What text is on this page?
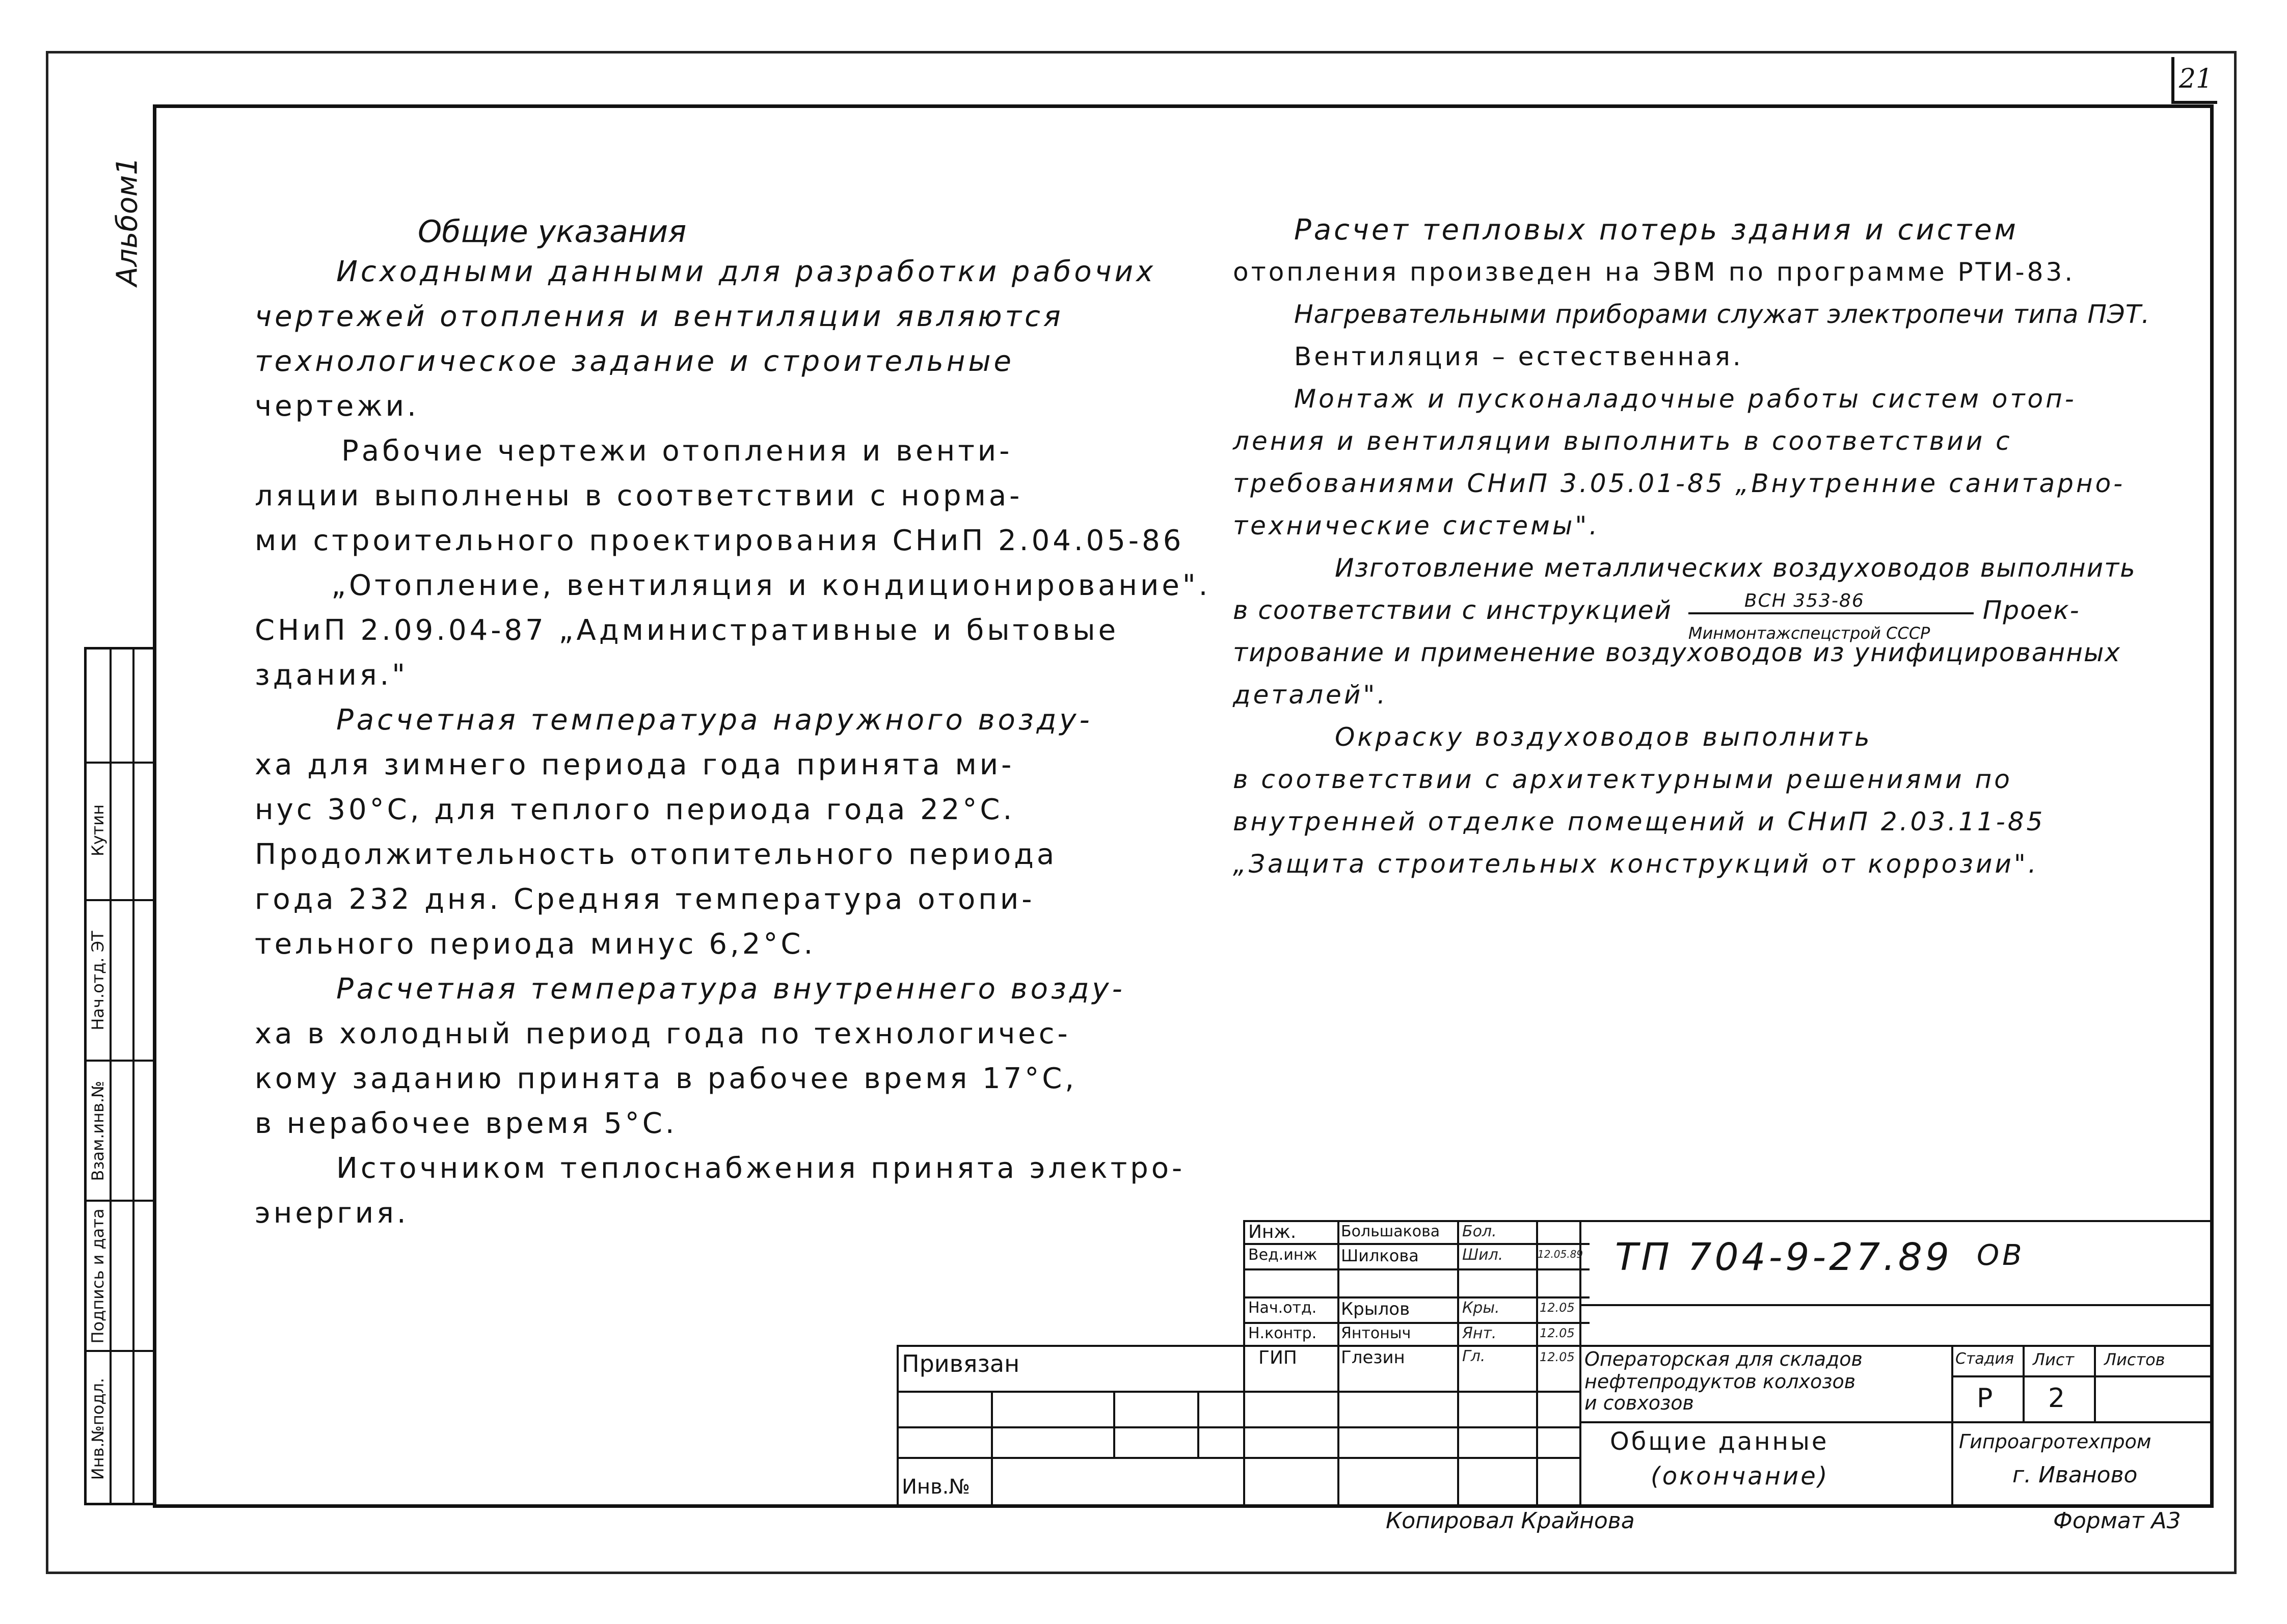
21
Альбом1
Нач.отд. ЭТ
Кутин
Инв.№подл.
Подпись и дата
Взам.инв.№
Общие указания
Исходными данными для разработки рабочих
чертежей отопления и вентиляции являются
технологическое задание и строительные
чертежи.
Рабочие чертежи отопления и венти-
ляции выполнены в соответствии с норма-
ми строительного проектирования СНиП 2.04.05-86
„Отопление, вентиляция и кондиционирование".
СНиП 2.09.04-87 „Административные и бытовые
здания."
Расчетная температура наружного возду-
ха для зимнего периода года принята ми-
нус 30°С, для теплого периода года 22°С.
Продолжительность отопительного периода
года 232 дня. Средняя температура отопи-
тельного периода минус 6,2°С.
Расчетная температура внутреннего возду-
ха в холодный период года по технологичес-
кому заданию принята в рабочее время 17°С,
в нерабочее время 5°С.
Источником теплоснабжения принята электро-
энергия.
Расчет тепловых потерь здания и систем
отопления произведен на ЭВМ по программе РТИ-83.
Нагревательными приборами служат электропечи типа ПЭТ.
Вентиляция – естественная.
Монтаж и пусконаладочные работы систем отоп-
ления и вентиляции выполнить в соответствии с
требованиями СНиП 3.05.01-85 „Внутренние санитарно-
технические системы".
Изготовление металлических воздуховодов выполнить
в соответствии с инструкцией	ВСН 353-86
Минмонтажспецстрой СССР
Проек-
тирование и применение воздуховодов из унифицированных
деталей".
Окраску воздуховодов выполнить
в соответствии с архитектурными решениями по
внутренней отделке помещений и СНиП 2.03.11-85
„Защита строительных конструкций от коррозии".
Инж.
Вед.инж
Нач.отд.
Н.контр.
ГИП
Большакова
Шилкова
Крылов
Янтоныч
Глезин
Бол.
Шил.
Кры.
Янт.
Гл.
12.05.89
12.05
12.05
12.05
ТП 704-9-27.89 ОВ
Операторская для складов
нефтепродуктов колхозов
и совхозов
Общие данные
(окончание)
Стадия Лист Листов
Р 2
Гипроагротехпром
г. Иваново
Привязан
Инв.№
Копировал Крайнова	Формат А3
